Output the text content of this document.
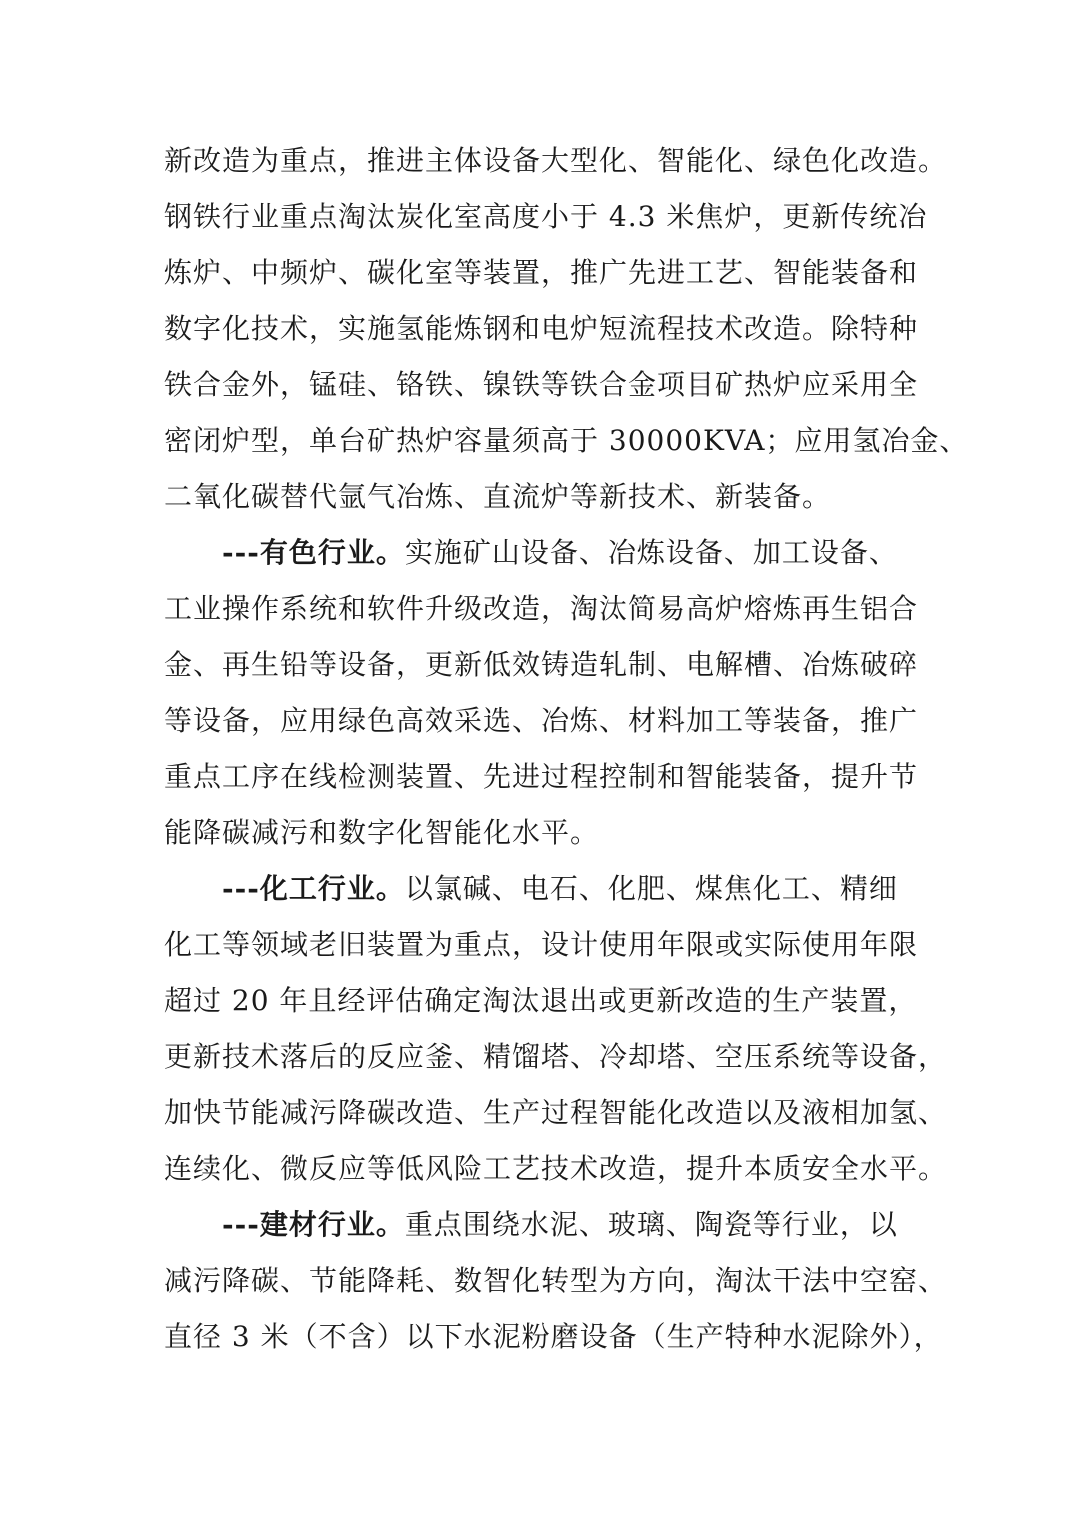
新改造为重点，推进主体设备大型化、智能化、绿色化改造。
钢铁行业重点淘汰炭化室高度小于 4.3 米焦炉，更新传统冶
炼炉、中频炉、碳化室等装置，推广先进工艺、智能装备和
数字化技术，实施氢能炼钢和电炉短流程技术改造。除特种
铁合金外，锰硅、铬铁、镍铁等铁合金项目矿热炉应采用全
密闭炉型，单台矿热炉容量须高于 30000KVA；应用氢冶金、
二氧化碳替代氩气冶炼、直流炉等新技术、新装备。
---有色行业。实施矿山设备、冶炼设备、加工设备、
工业操作系统和软件升级改造，淘汰简易高炉熔炼再生铝合
金、再生铅等设备，更新低效铸造轧制、电解槽、冶炼破碎
等设备，应用绿色高效采选、冶炼、材料加工等装备，推广
重点工序在线检测装置、先进过程控制和智能装备，提升节
能降碳减污和数字化智能化水平。
---化工行业。以氯碱、电石、化肥、煤焦化工、精细
化工等领域老旧装置为重点，设计使用年限或实际使用年限
超过 20 年且经评估确定淘汰退出或更新改造的生产装置，
更新技术落后的反应釜、精馏塔、冷却塔、空压系统等设备，
加快节能减污降碳改造、生产过程智能化改造以及液相加氢、
连续化、微反应等低风险工艺技术改造，提升本质安全水平。
---建材行业。重点围绕水泥、玻璃、陶瓷等行业，以
减污降碳、节能降耗、数智化转型为方向，淘汰干法中空窑、
直径 3 米（不含）以下水泥粉磨设备（生产特种水泥除外），
